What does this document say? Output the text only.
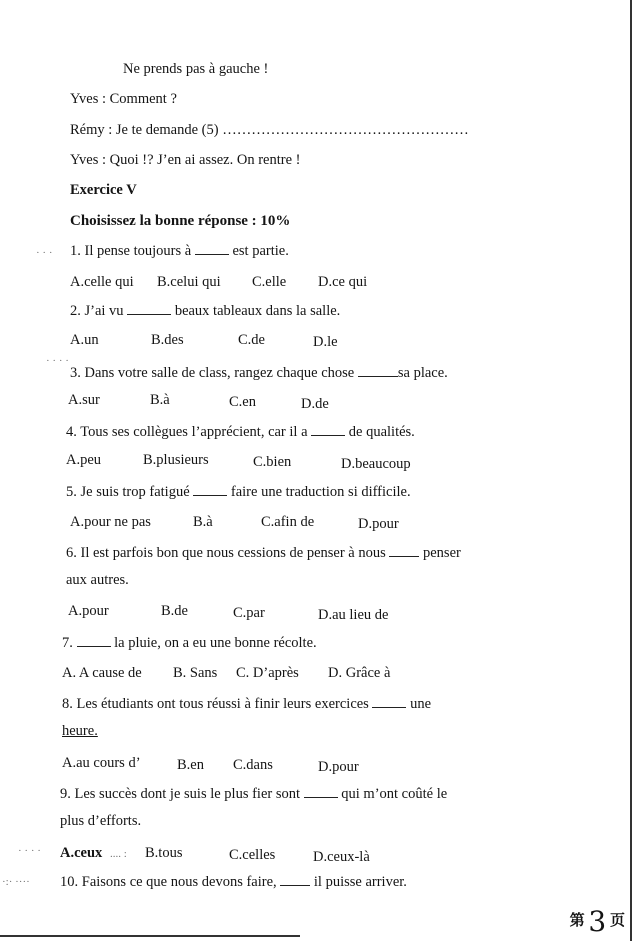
Ne prends pas à gauche !
Yves : Comment ?
Rémy : Je te demande (5) ……………………………………………
Yves : Quoi !? J’en ai assez. On rentre !
Exercice V
Choisissez la bonne réponse : 10%
· · · 1. Il pense toujours à	est partie.
A.celle qui B.celui qui C.elle D.ce qui
2. J’ai vu	beaux tableaux dans la salle.
A.un	B.des	C.de	D.le
· · · ·
3. Dans votre salle de class, rangez chaque chose	sa place.
A.sur	B.à	C.en	D.de
4. Tous ses collègues l’apprécient, car il a	de qualités.
A.peu	B.plusieurs	C.bien	D.beaucoup
5. Je suis trop fatigué	faire une traduction si difficile.
A.pour ne pas	B.à	C.afin de	D.pour
6. Il est parfois bon que nous cessions de penser à nous	penser
aux autres.
A.pour	B.de	C.par	D.au lieu de
7.	la pluie, on a eu une bonne récolte.
A. A cause de B. Sans C. D’après D. Grâce à
8. Les étudiants ont tous réussi à finir leurs exercices	une
heure.
A.au cours d’	B.en C.dans	D.pour
9. Les succès dont je suis le plus fier sont	qui m’ont coûté le
plus d’efforts.
· · · · A.ceux .... : B.tous	C.celles	D.ceux-là
·:· ···· 10. Faisons ce que nous devons faire,	il puisse arriver.
第 3 页
